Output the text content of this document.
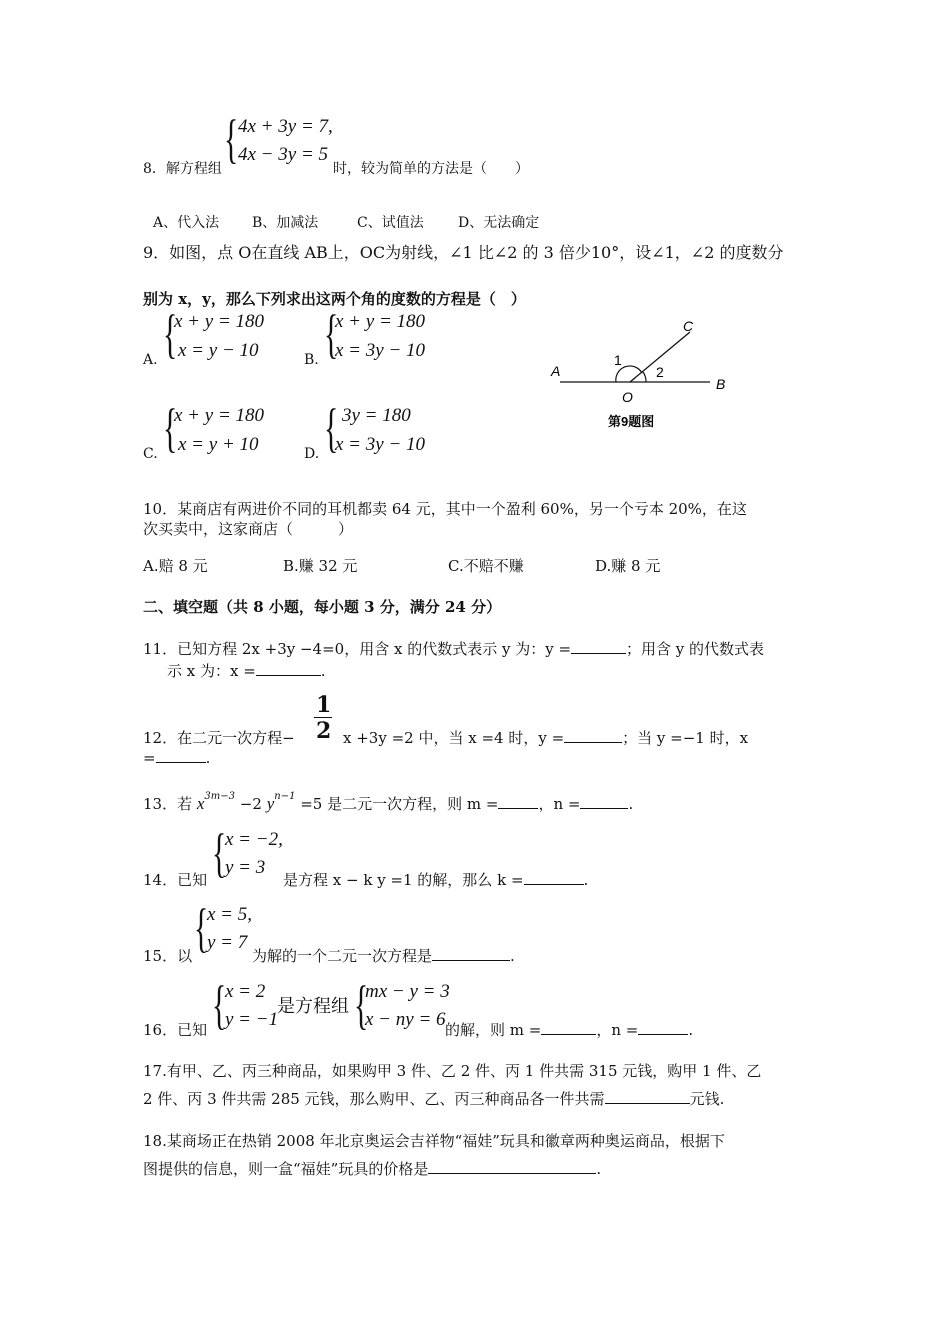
{ 4x + 3y = 7,
4x − 3y = 5
8．解方程组	时，较为简单的方法是（　　）
A、代入法 B、加减法	C、试值法 D、无法确定
9．如图，点 O在直线 AB上，OC为射线，∠1 比∠2 的 3 倍少10°，设∠1，∠2 的度数分
别为 x，y，那么下列求出这两个角的度数的方程是（　）
{
x + y = 180
x = y − 10
A.	{
x + y = 180
x = 3y − 10
B.
{
x + y = 180
x = y + 10
C.	{ 3y = 180
x = 3y − 10
D.
A
B
C
O
1
2
第9题图
10．某商店有两进价不同的耳机都卖 64 元，其中一个盈利 60%，另一个亏本 20%，在这
次买卖中，这家商店（　　　）
A.赔 8 元	B.赚 32 元	C.不赔不赚	D.赚 8 元
二、填空题（共 8 小题，每小题 3 分，满分 24 分）
11．已知方程 2x +3y −4=0，用含 x 的代数式表示 y 为：y =	；用含 y 的代数式表
示 x 为：x =	.
1
2
12．在二元一次方程−	x +3y =2 中，当 x =4 时，y =	；当 y =−1 时，x
=	.
13．若 $x^{3m-3} -2$ $y^{n-1} =5$ 是二元一次方程，则 m =	，n =	.
{
x = −2,
y = 3
14．已知	是方程 x − k y =1 的解，那么 k =	.
{
x = 5,
y = 7
15．以	为解的一个二元一次方程是	.
{
x = 2
y = −1
是方程组 {
mx − y = 3
x − ny = 6
16．已知	的解，则 m =	，n =	.
17.有甲、乙、丙三种商品，如果购甲 3 件、乙 2 件、丙 1 件共需 315 元钱，购甲 1 件、乙
2 件、丙 3 件共需 285 元钱，那么购甲、乙、丙三种商品各一件共需	元钱.
18.某商场正在热销 2008 年北京奥运会吉祥物“福娃”玩具和徽章两种奥运商品，根据下
图提供的信息，则一盒“福娃”玩具的价格是	.
